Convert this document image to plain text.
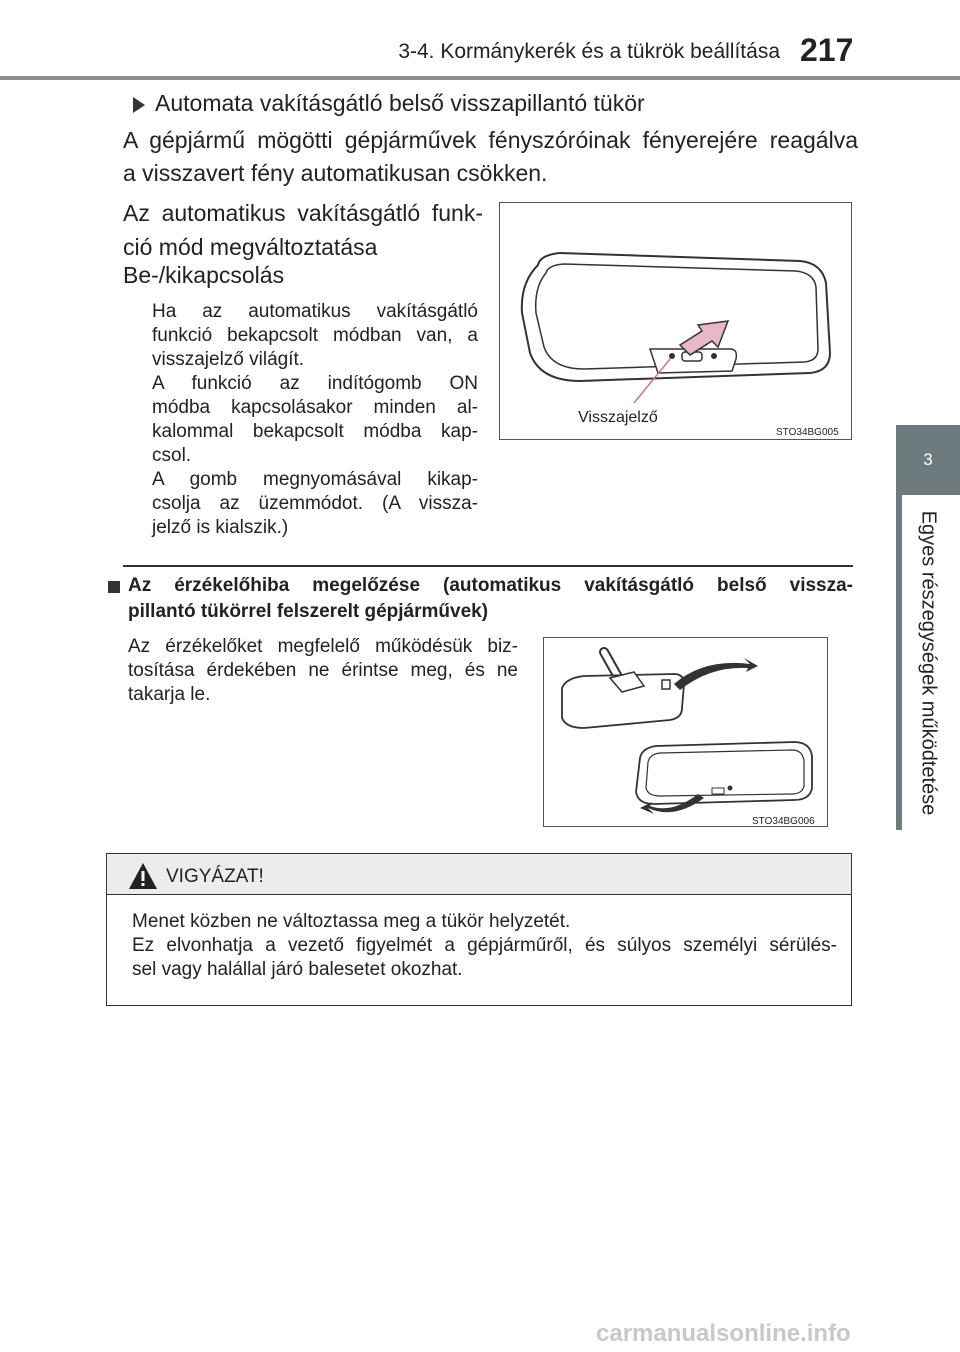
3-4. Kormánykerék és a tükrök beállítása 217
3
Egyes részegységek működtetése
Automata vakításgátló belső visszapillantó tükör
A gépjármű mögötti gépjárművek fényszóróinak fényerejére reagálva
a visszavert fény automatikusan csökken.
Az automatikus vakításgátló funk-
ció mód megváltoztatása
Be-/kikapcsolás
Ha az automatikus vakításgátló
funkció bekapcsolt módban van, a
visszajelző világít.
A funkció az indítógomb ON
módba kapcsolásakor minden al-
kalommal bekapcsolt módba kap-
csol.
A gomb megnyomásával kikap-
csolja az üzemmódot. (A vissza-
jelző is kialszik.)
Visszajelző
STO34BG005
Az érzékelőhiba megelőzése (automatikus vakításgátló belső vissza-
pillantó tükörrel felszerelt gépjárművek)
Az érzékelőket megfelelő működésük biz-
tosítása érdekében ne érintse meg, és ne
takarja le.
STO34BG006
VIGYÁZAT!
Menet közben ne változtassa meg a tükör helyzetét.
Ez elvonhatja a vezető figyelmét a gépjárműről, és súlyos személyi sérülés-
sel vagy halállal járó balesetet okozhat.
carmanualsonline.info
